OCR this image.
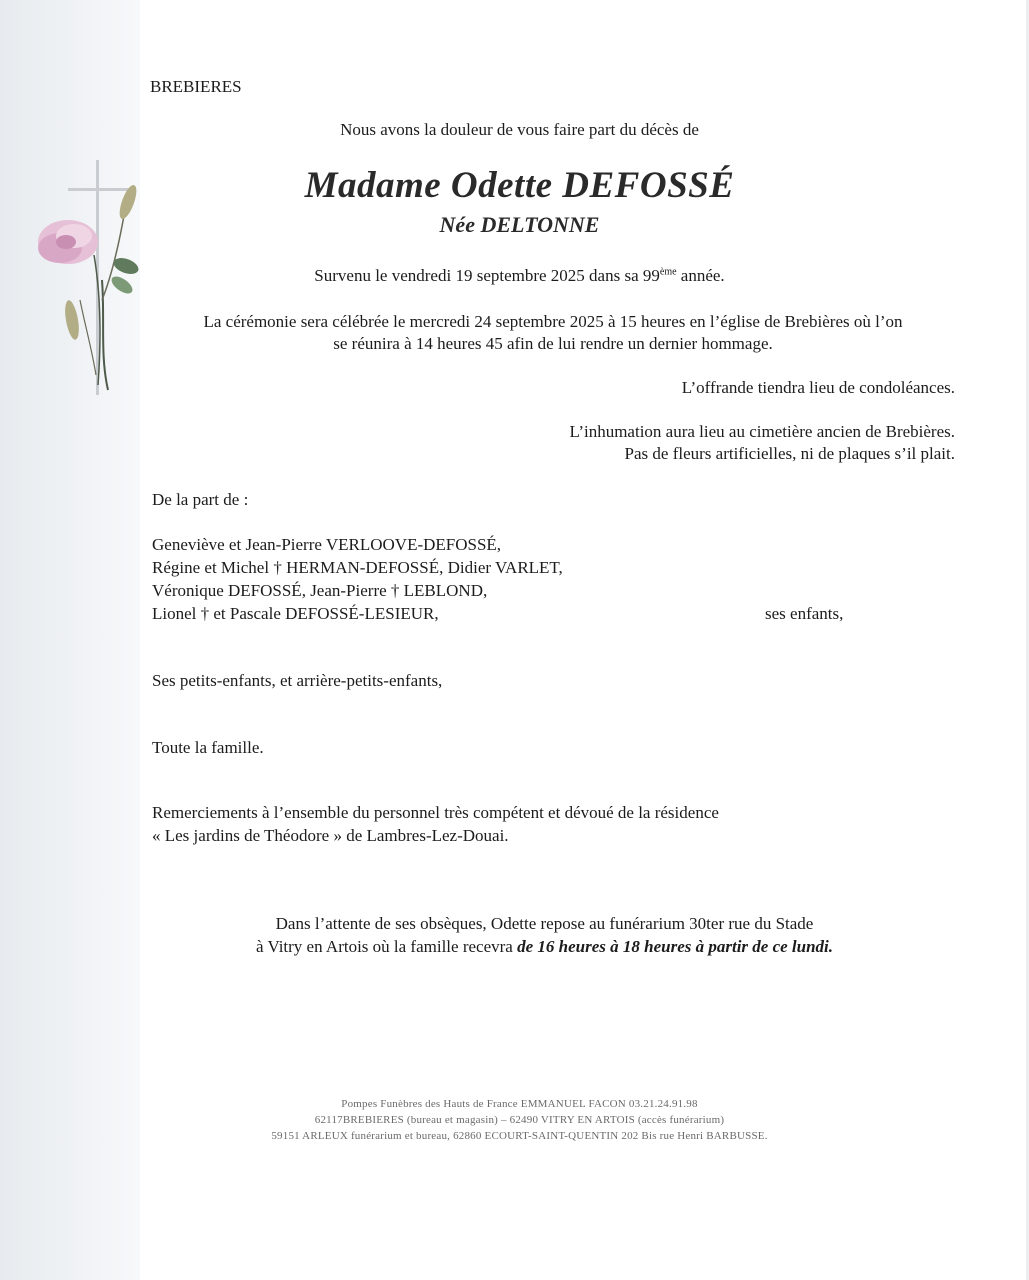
BREBIERES
Nous avons la douleur de vous faire part du décès de
Madame Odette DEFOSSÉ
Née DELTONNE
Survenu le vendredi 19 septembre 2025 dans sa 99ème année.
La cérémonie sera célébrée le mercredi 24 septembre 2025 à 15 heures en l’église de Brebières où l’on
se réunira à 14 heures 45 afin de lui rendre un dernier hommage.
L’offrande tiendra lieu de condoléances.
L’inhumation aura lieu au cimetière ancien de Brebières.
Pas de fleurs artificielles, ni de plaques s’il plait.
De la part de :
Geneviève et Jean-Pierre VERLOOVE-DEFOSSÉ,
Régine et Michel † HERMAN-DEFOSSÉ, Didier VARLET,
Véronique DEFOSSÉ, Jean-Pierre † LEBLOND,
Lionel † et Pascale DEFOSSÉ-LESIEUR,	ses enfants,
Ses petits-enfants, et arrière-petits-enfants,
Toute la famille.
Remerciements à l’ensemble du personnel très compétent et dévoué de la résidence
« Les jardins de Théodore » de Lambres-Lez-Douai.
Dans l’attente de ses obsèques, Odette repose au funérarium 30ter rue du Stade
à Vitry en Artois où la famille recevra de 16 heures à 18 heures à partir de ce lundi.
Pompes Funèbres des Hauts de France EMMANUEL FACON 03.21.24.91.98
62117BREBIERES (bureau et magasin) – 62490 VITRY EN ARTOIS (accès funérarium)
59151 ARLEUX funérarium et bureau, 62860 ECOURT-SAINT-QUENTIN 202 Bis rue Henri BARBUSSE.
